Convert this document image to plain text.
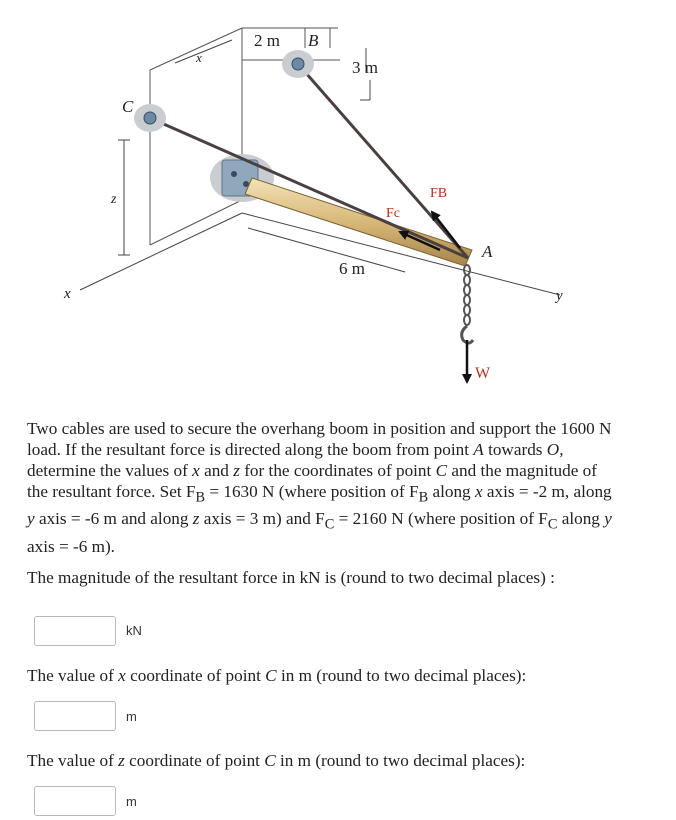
2 m B
3 m
C
z
x
x
6 m
y
FB
Fc
A
W
Two cables are used to secure the overhang boom in position and support the 1600 N load. If the resultant force is directed along the boom from point A towards O, determine the values of x and z for the coordinates of point C and the magnitude of the resultant force. Set $F_B = 1630$ N (where position of $F_B$ along x axis = -2 m, along y axis = -6 m and along z axis = 3 m) and $F_C = 2160$ N (where position of $F_C$ along y axis = -6 m).
The magnitude of the resultant force in kN is (round to two decimal places) :
kN
The value of x coordinate of point C in m (round to two decimal places):
m
The value of z coordinate of point C in m (round to two decimal places):
m
